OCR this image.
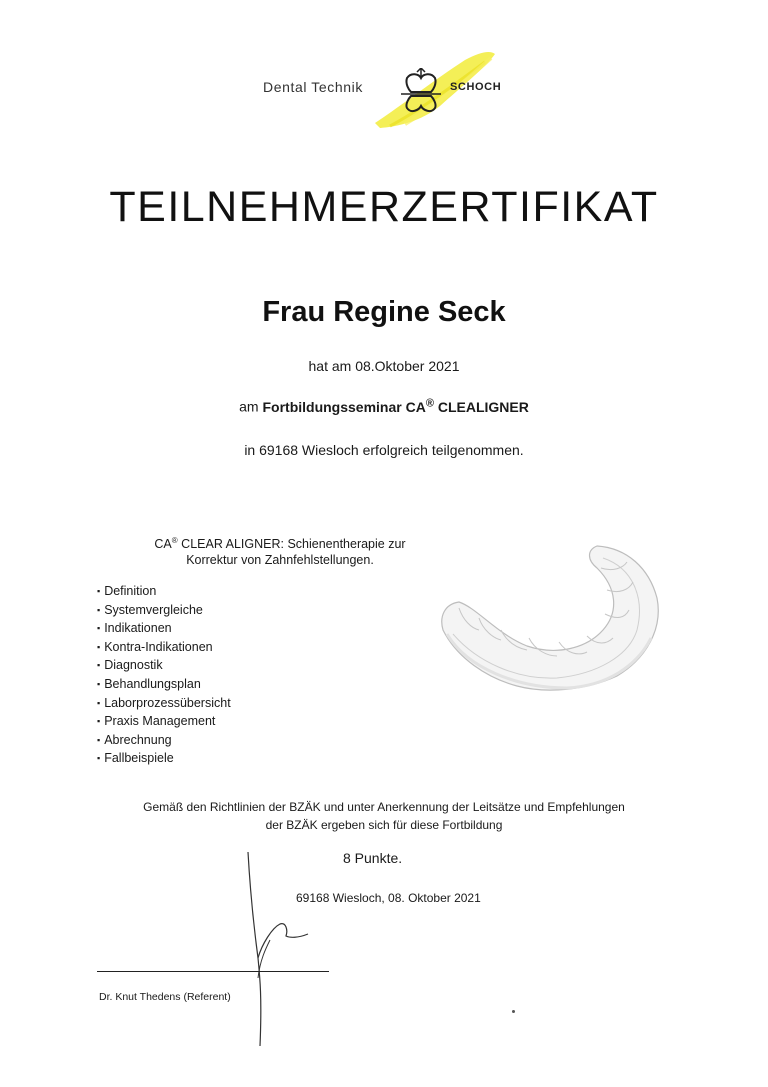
Dental Technik	SCHOCH
TEILNEHMERZERTIFIKAT
Frau Regine Seck
hat am 08.Oktober 2021
am Fortbildungsseminar CA® CLEALIGNER
in 69168 Wiesloch erfolgreich teilgenommen.
CA® CLEAR ALIGNER: Schienentherapie zur
Korrektur von Zahnfehlstellungen.
▪ Definition
▪ Systemvergleiche
▪ Indikationen
▪ Kontra-Indikationen
▪ Diagnostik
▪ Behandlungsplan
▪ Laborprozessübersicht
▪ Praxis Management
▪ Abrechnung
▪ Fallbeispiele
Gemäß den Richtlinien der BZÄK und unter Anerkennung der Leitsätze und Empfehlungen
der BZÄK ergeben sich für diese Fortbildung
8 Punkte.
69168 Wiesloch, 08. Oktober 2021
Dr. Knut Thedens (Referent)
